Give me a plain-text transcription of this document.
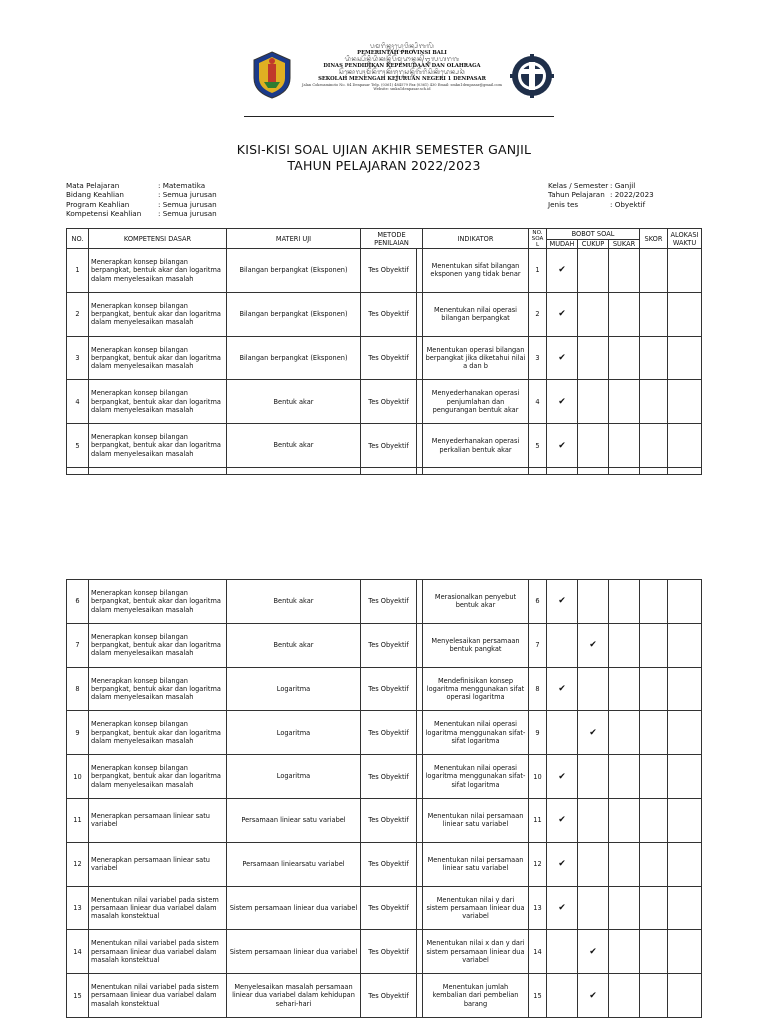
ᬧᬫᬭᬶᬦ᭄ᬢᬄᬧ᭄ᬭᭀᬯᬶᬦ᭄ᬲᬶᬩᬮᬶ
PEMERINTAH PROVINSI BALI
ᬤᬶᬦᬲ᭄ᬧᭂᬦ᭄ᬤᬶᬤᬶᬓᬦ᭄ᬓᭂᬧᭂᬫᬸᬤᬵᬦ᭄ᬤᬦ᭄ᬑᬮᬳᬭᬕ
DINAS PENDIDIKAN KEPEMUDAAN DAN OLAHRAGA
ᬲᭂᬓᭀᬮᬄᬫᭂᬦᭂᬗᬄᬓᭂᬚᬸᬭᬸᬲᬦ᭄ᬦᭂᬕᭂᬭᬶᬲᬶᬓᬶᬤᬾᬦ᭄ᬧᬲᬃ
SEKOLAH MENENGAH KEJURUAN NEGERI 1 DENPASAR
Jalan Cokroaminoto No. 84 Denpasar Telp. (0361) 484579 Fax (0361) 430 Email: smkn1denpasar@gmail.com Website: smkn1denpasar.sch.id
KISI-KISI SOAL UJIAN AKHIR SEMESTER GANJIL
TAHUN PELAJARAN 2022/2023
Mata Pelajaran	: Matematika
Bidang Keahlian	: Semua jurusan
Program Keahlian	: Semua jurusan
Kompetensi Keahlian	: Semua jurusan
Kelas / Semester : Ganjil
Tahun Pelajaran : 2022/2023
Jenis tes	: Obyektif
NO.	KOMPETENSI DASAR	MATERI UJI	METODE PENILAIAN		INDIKATOR	NO. SOA L	BOBOT SOAL			SKOR	ALOKASI WAKTU
							MUDAH	CUKUP	SUKAR		
1	Menerapkan konsep bilangan berpangkat, bentuk akar dan logaritma dalam menyelesaikan masalah	Bilangan berpangkat (Eksponen)	Tes Obyektif		Menentukan sifat bilangan eksponen yang tidak benar	1	✔				
2	Menerapkan konsep bilangan berpangkat, bentuk akar dan logaritma dalam menyelesaikan masalah	Bilangan berpangkat (Eksponen)	Tes Obyektif		Menentukan nilai operasi bilangan berpangkat	2	✔				
3	Menerapkan konsep bilangan berpangkat, bentuk akar dan logaritma dalam menyelesaikan masalah	Bilangan berpangkat (Eksponen)	Tes Obyektif		Menentukan operasi bilangan berpangkat jika diketahui nilai a dan b	3	✔				
4	Menerapkan konsep bilangan berpangkat, bentuk akar dan logaritma dalam menyelesaikan masalah	Bentuk akar	Tes Obyektif		Menyederhanakan operasi penjumlahan dan pengurangan bentuk akar	4	✔				
5	Menerapkan konsep bilangan berpangkat, bentuk akar dan logaritma dalam menyelesaikan masalah	Bentuk akar	Tes Obyektif		Menyederhanakan operasi perkalian bentuk akar	5	✔				

6	Menerapkan konsep bilangan berpangkat, bentuk akar dan logaritma dalam menyelesaikan masalah	Bentuk akar	Tes Obyektif		Merasionalkan penyebut bentuk akar	6	✔				
7	Menerapkan konsep bilangan berpangkat, bentuk akar dan logaritma dalam menyelesaikan masalah	Bentuk akar	Tes Obyektif		Menyelesaikan persamaan bentuk pangkat	7		✔			
8	Menerapkan konsep bilangan berpangkat, bentuk akar dan logaritma dalam menyelesaikan masalah	Logaritma	Tes Obyektif		Mendefinisikan konsep logaritma menggunakan sifat operasi logaritma	8	✔				
9	Menerapkan konsep bilangan berpangkat, bentuk akar dan logaritma dalam menyelesaikan masalah	Logaritma	Tes Obyektif		Menentukan nilai operasi logaritma menggunakan sifat-sifat logaritma	9		✔			
10	Menerapkan konsep bilangan berpangkat, bentuk akar dan logaritma dalam menyelesaikan masalah	Logaritma	Tes Obyektif		Menentukan nilai operasi logaritma menggunakan sifat-sifat logaritma	10	✔				
11	Menerapkan persamaan liniear satu variabel	Persamaan liniear satu variabel	Tes Obyektif		Menentukan nilai persamaan liniear satu variabel	11	✔				
12	Menerapkan persamaan liniear satu variabel	Persamaan liniearsatu variabel	Tes Obyektif		Menentukan nilai persamaan liniear satu variabel	12	✔				
13	Menentukan nilai variabel pada sistem persamaan liniear dua variabel dalam masalah konstektual	Sistem persamaan liniear dua variabel	Tes Obyektif		Menentukan nilai y dari sistem persamaan liniear dua variabel	13	✔				
14	Menentukan nilai variabel pada sistem persamaan liniear dua variabel dalam masalah konstektual	Sistem persamaan liniear dua variabel	Tes Obyektif		Menentukan nilai x dan y dari sistem persamaan liniear dua variabel	14		✔			
15	Menentukan nilai variabel pada sistem persamaan liniear dua variabel dalam masalah konstektual	Menyelesaikan masalah persamaan liniear dua variabel dalam kehidupan sehari-hari	Tes Obyektif		Menentukan jumlah kembalian dari pembelian barang	15		✔			
